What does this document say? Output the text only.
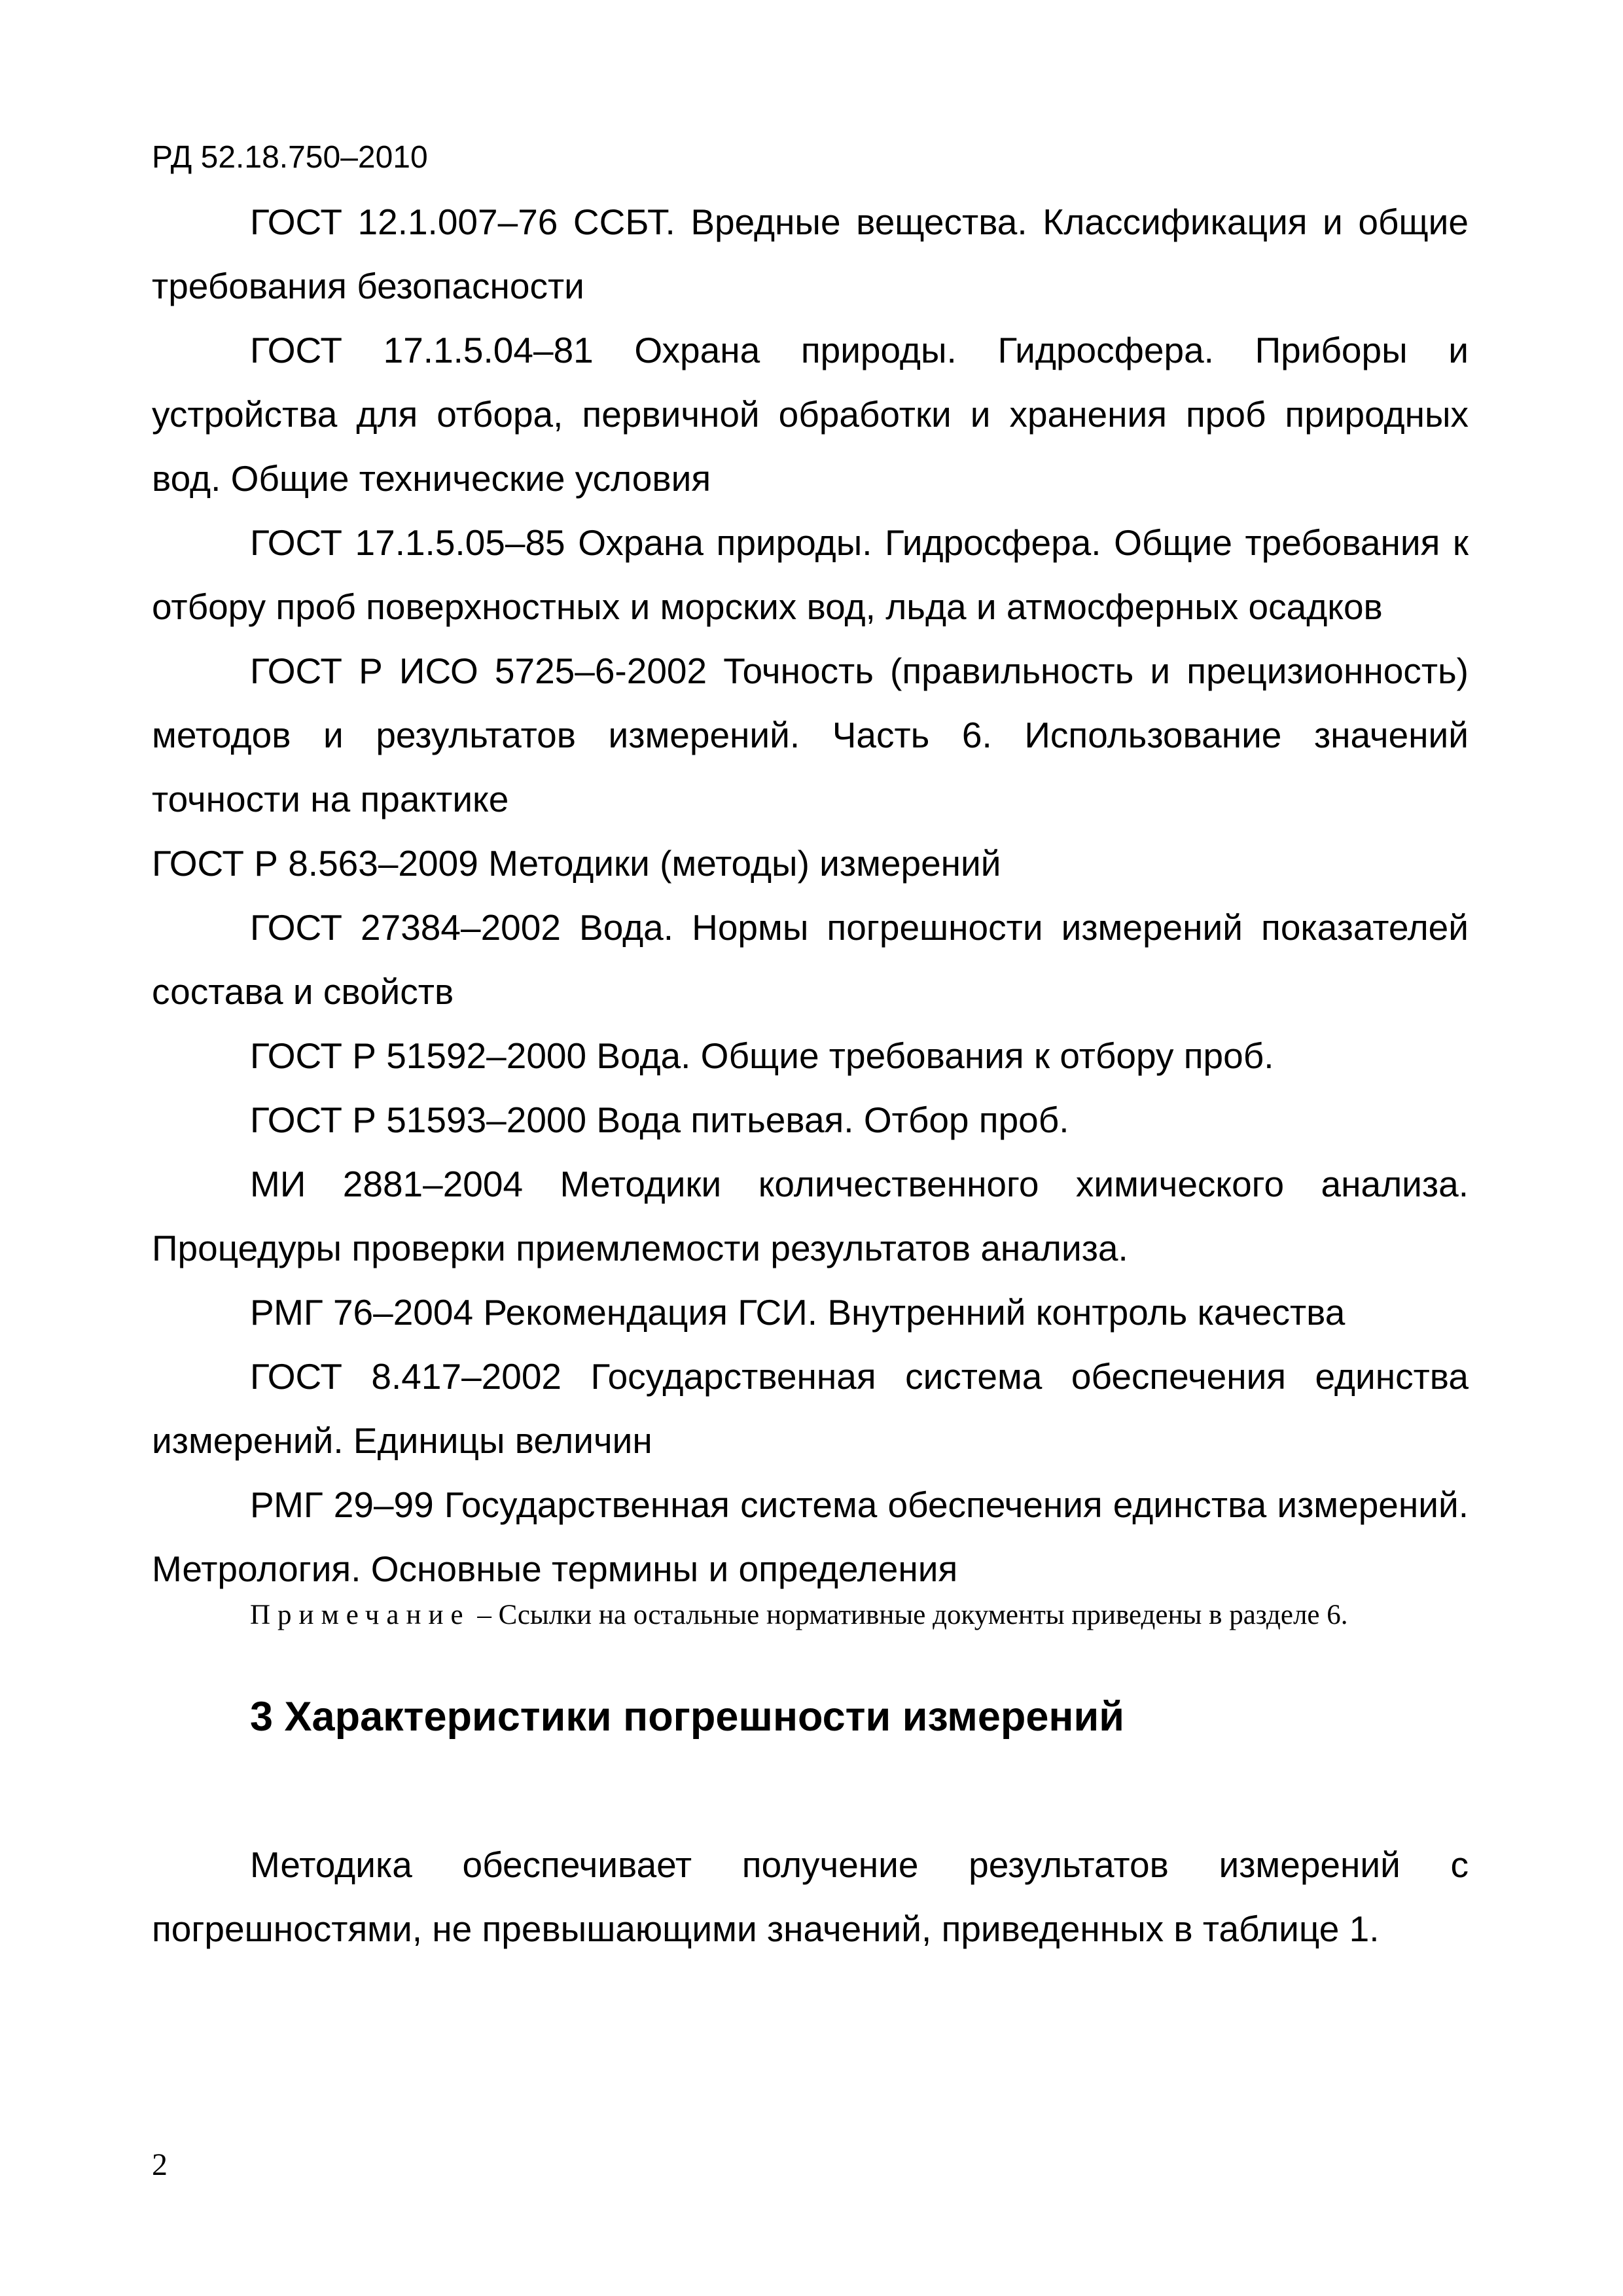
РД 52.18.750–2010

ГОСТ 12.1.007–76 ССБТ. Вредные вещества. Классификация и общие требования безопасности

ГОСТ 17.1.5.04–81 Охрана природы. Гидросфера. Приборы и устройства для отбора, первичной обработки и хранения проб природных вод. Общие технические условия

ГОСТ 17.1.5.05–85 Охрана природы. Гидросфера. Общие требования к отбору проб поверхностных и морских вод, льда и атмосферных осадков

ГОСТ Р ИСО 5725–6-2002 Точность (правильность и прецизионность) методов и результатов измерений. Часть 6. Использование значений точности на практике

ГОСТ Р 8.563–2009 Методики (методы) измерений

ГОСТ 27384–2002 Вода. Нормы погрешности измерений показателей состава и свойств

ГОСТ Р 51592–2000 Вода. Общие требования к отбору проб.

ГОСТ Р 51593–2000 Вода питьевая. Отбор проб.

МИ 2881–2004 Методики количественного химического анализа. Процедуры проверки приемлемости результатов анализа.

РМГ 76–2004 Рекомендация ГСИ. Внутренний контроль качества

ГОСТ 8.417–2002 Государственная система обеспечения единства измерений. Единицы величин

РМГ 29–99 Государственная система обеспечения единства измерений. Метрология. Основные термины и определения

Примечание – Ссылки на остальные нормативные документы приведены в разделе 6.

3 Характеристики погрешности измерений

Методика обеспечивает получение результатов измерений с погрешностями, не превышающими значений, приведенных в таблице 1.

2
